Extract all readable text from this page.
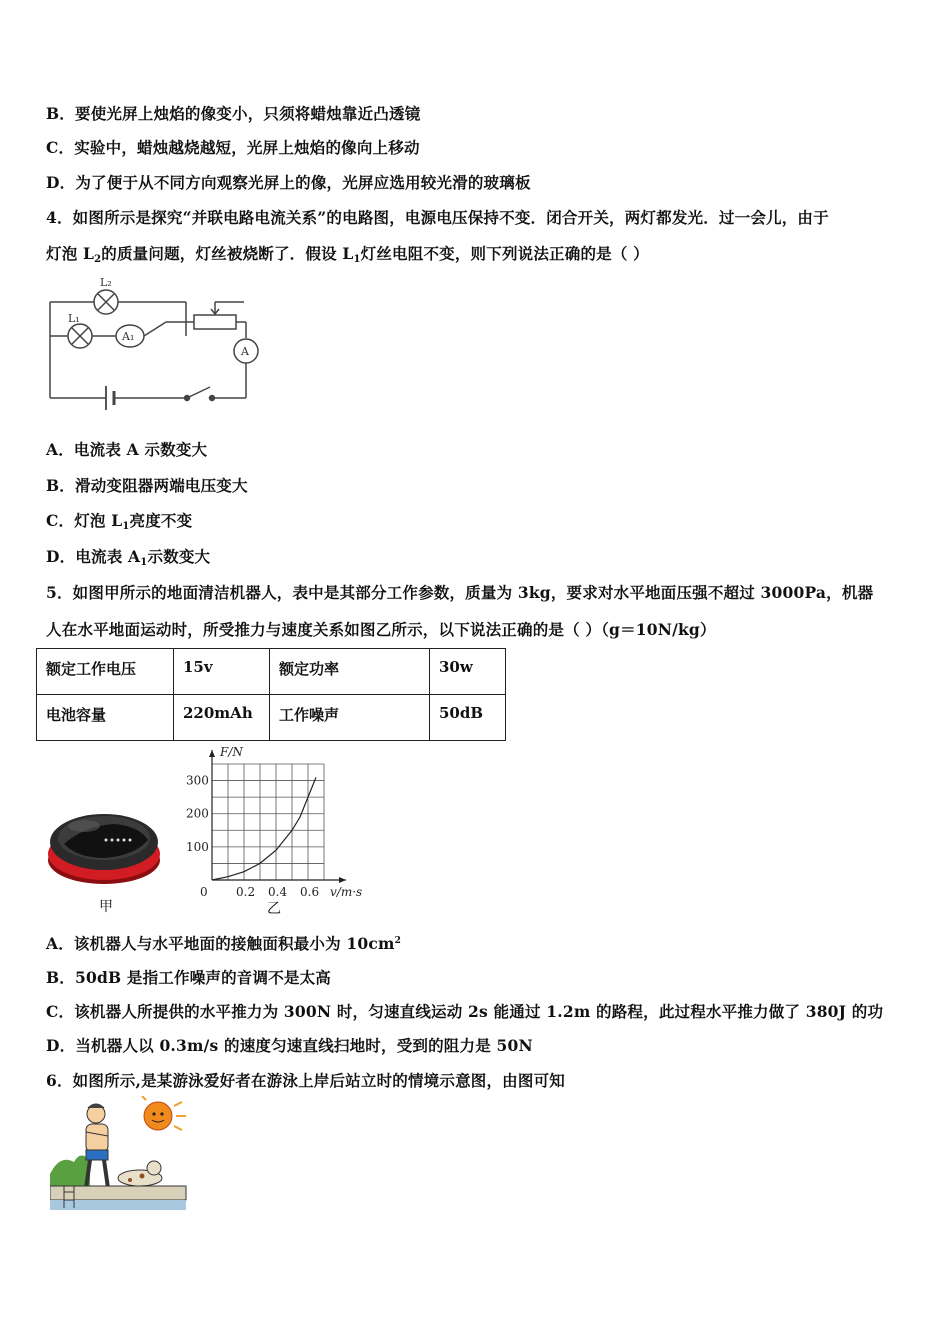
B．要使光屏上烛焰的像变小，只须将蜡烛靠近凸透镜
C．实验中，蜡烛越烧越短，光屏上烛焰的像向上移动
D．为了便于从不同方向观察光屏上的像，光屏应选用较光滑的玻璃板
4．如图所示是探究“并联电路电流关系”的电路图，电源电压保持不变．闭合开关，两灯都发光．过一会儿，由于
灯泡 $L_2$的质量问题，灯丝被烧断了．假设 $L_1$灯丝电阻不变，则下列说法正确的是（ ）
L₂
L₁
A₁
A
A．电流表 A 示数变大
B．滑动变阻器两端电压变大
C．灯泡 $L_1$亮度不变
D．电流表 $A_1$示数变大
5．如图甲所示的地面清洁机器人，表中是其部分工作参数，质量为 3kg，要求对水平地面压强不超过 3000Pa，机器
人在水平地面运动时，所受推力与速度关系如图乙所示，以下说法正确的是（ ）（g＝10N/kg）
额定工作电压	15v	额定功率	30w
电池容量	220mAh	工作噪声	50dB
甲
0 0.2 0.4 0.6
100
200
300
F/N
v/m·s
乙
A．该机器人与水平地面的接触面积最小为 $10cm^2$
B．50dB 是指工作噪声的音调不是太高
C．该机器人所提供的水平推力为 300N 时，匀速直线运动 2s 能通过 1.2m 的路程，此过程水平推力做了 380J 的功
D．当机器人以 0.3m/s 的速度匀速直线扫地时，受到的阻力是 50N
6．如图所示,是某游泳爱好者在游泳上岸后站立时的情境示意图，由图可知
